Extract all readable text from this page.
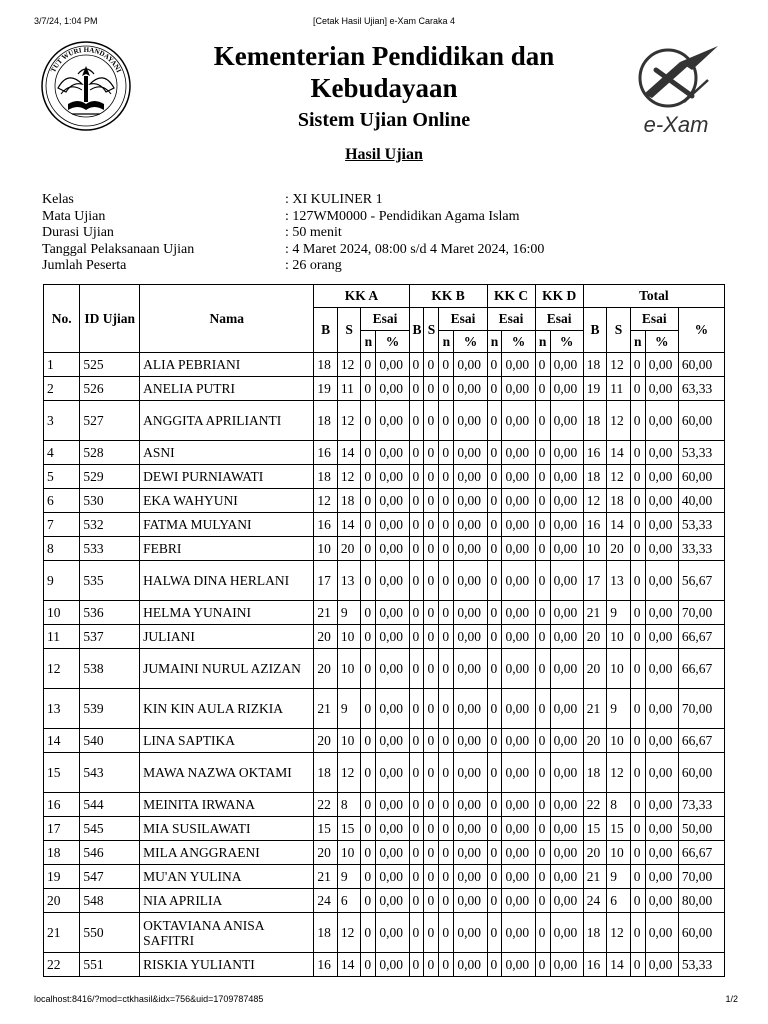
3/7/24, 1:04 PM	[Cetak Hasil Ujian] e-Xam Caraka 4
TUT WURI HANDAYANI	Kementerian Pendidikan dan
Kebudayaan
Sistem Ujian Online	e-Xam
Hasil Ujian
Kelas	: XI KULINER 1
Mata Ujian	: 127WM0000 - Pendidikan Agama Islam
Durasi Ujian	: 50 menit
Tanggal Pelaksanaan Ujian	: 4 Maret 2024, 08:00 s/d 4 Maret 2024, 16:00
Jumlah Peserta	: 26 orang
No.	ID Ujian	Nama	KK A				KK B				KK C		KK D		Total				
			B	S	Esai		B	S	Esai		Esai		Esai		B	S	Esai		%
					n	%			n	%	n	%	n	%			n	%	
1	525	ALIA PEBRIANI	18	12	0	0,00	0	0	0	0,00	0	0,00	0	0,00	18	12	0	0,00	60,00
2	526	ANELIA PUTRI	19	11	0	0,00	0	0	0	0,00	0	0,00	0	0,00	19	11	0	0,00	63,33
3	527	ANGGITA APRILIANTI	18	12	0	0,00	0	0	0	0,00	0	0,00	0	0,00	18	12	0	0,00	60,00
4	528	ASNI	16	14	0	0,00	0	0	0	0,00	0	0,00	0	0,00	16	14	0	0,00	53,33
5	529	DEWI PURNIAWATI	18	12	0	0,00	0	0	0	0,00	0	0,00	0	0,00	18	12	0	0,00	60,00
6	530	EKA WAHYUNI	12	18	0	0,00	0	0	0	0,00	0	0,00	0	0,00	12	18	0	0,00	40,00
7	532	FATMA MULYANI	16	14	0	0,00	0	0	0	0,00	0	0,00	0	0,00	16	14	0	0,00	53,33
8	533	FEBRI	10	20	0	0,00	0	0	0	0,00	0	0,00	0	0,00	10	20	0	0,00	33,33
9	535	HALWA DINA HERLANI	17	13	0	0,00	0	0	0	0,00	0	0,00	0	0,00	17	13	0	0,00	56,67
10	536	HELMA YUNAINI	21	9	0	0,00	0	0	0	0,00	0	0,00	0	0,00	21	9	0	0,00	70,00
11	537	JULIANI	20	10	0	0,00	0	0	0	0,00	0	0,00	0	0,00	20	10	0	0,00	66,67
12	538	JUMAINI NURUL AZIZAN	20	10	0	0,00	0	0	0	0,00	0	0,00	0	0,00	20	10	0	0,00	66,67
13	539	KIN KIN AULA RIZKIA	21	9	0	0,00	0	0	0	0,00	0	0,00	0	0,00	21	9	0	0,00	70,00
14	540	LINA SAPTIKA	20	10	0	0,00	0	0	0	0,00	0	0,00	0	0,00	20	10	0	0,00	66,67
15	543	MAWA NAZWA OKTAMI	18	12	0	0,00	0	0	0	0,00	0	0,00	0	0,00	18	12	0	0,00	60,00
16	544	MEINITA IRWANA	22	8	0	0,00	0	0	0	0,00	0	0,00	0	0,00	22	8	0	0,00	73,33
17	545	MIA SUSILAWATI	15	15	0	0,00	0	0	0	0,00	0	0,00	0	0,00	15	15	0	0,00	50,00
18	546	MILA ANGGRAENI	20	10	0	0,00	0	0	0	0,00	0	0,00	0	0,00	20	10	0	0,00	66,67
19	547	MU'AN YULINA	21	9	0	0,00	0	0	0	0,00	0	0,00	0	0,00	21	9	0	0,00	70,00
20	548	NIA APRILIA	24	6	0	0,00	0	0	0	0,00	0	0,00	0	0,00	24	6	0	0,00	80,00
21	550	OKTAVIANA ANISA SAFITRI	18	12	0	0,00	0	0	0	0,00	0	0,00	0	0,00	18	12	0	0,00	60,00
22	551	RISKIA YULIANTI	16	14	0	0,00	0	0	0	0,00	0	0,00	0	0,00	16	14	0	0,00	53,33
localhost:8416/?mod=ctkhasil&idx=756&uid=1709787485	1/2
